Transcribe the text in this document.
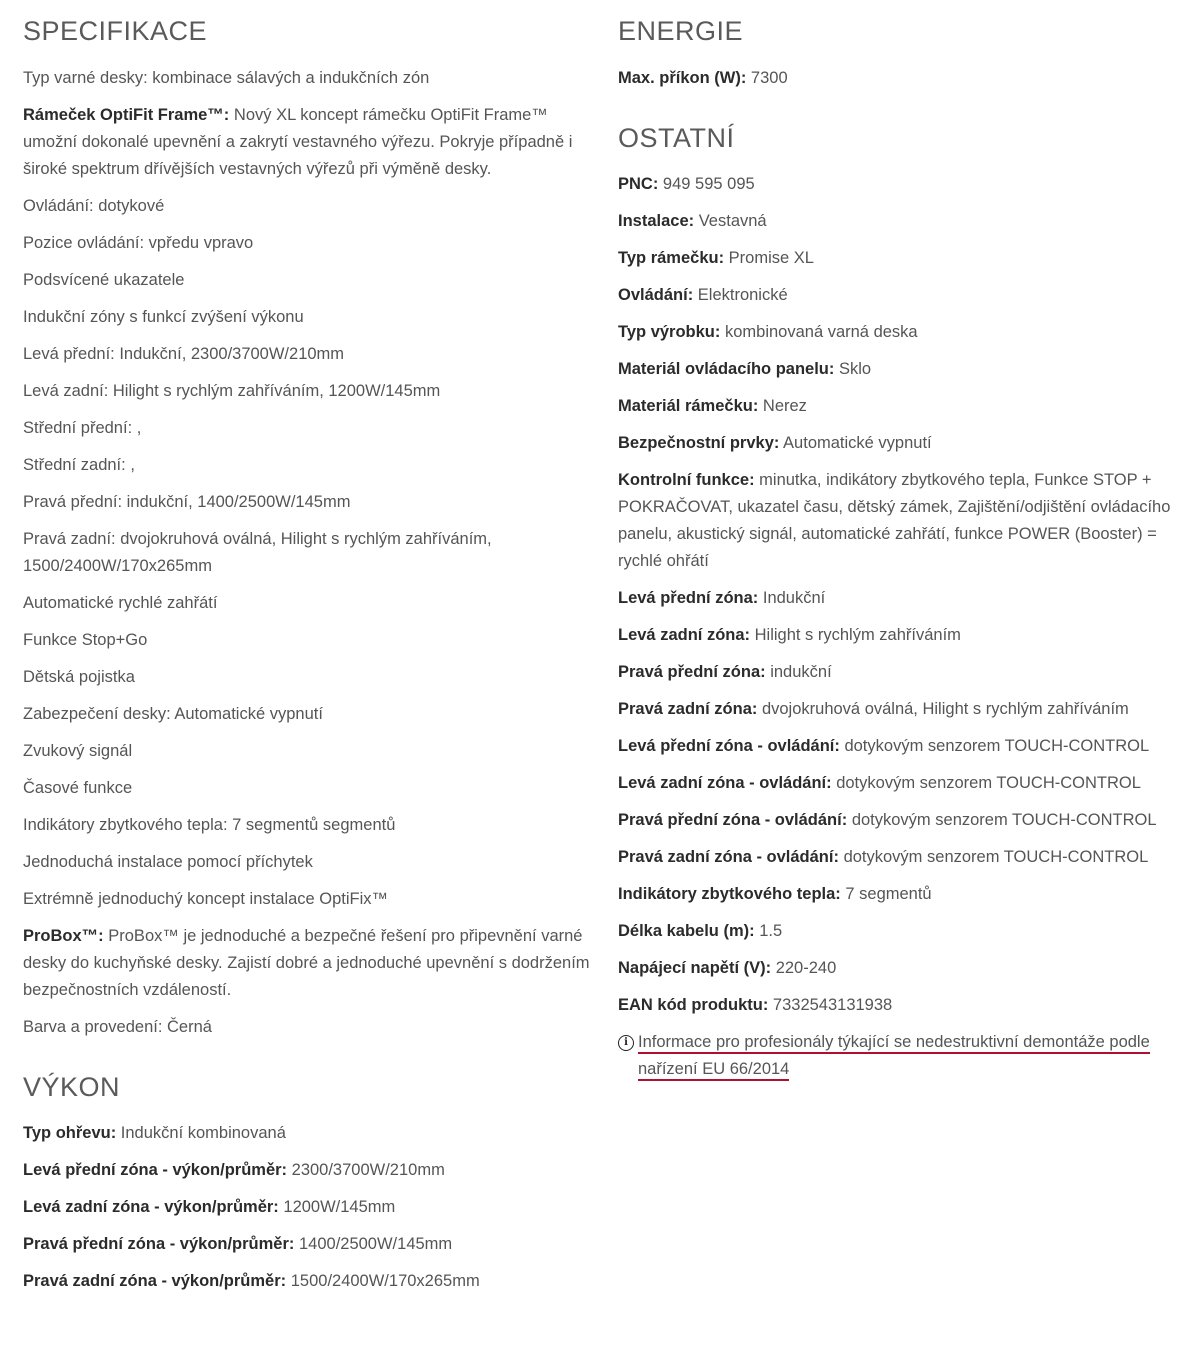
SPECIFIKACE

Typ varné desky: kombinace sálavých a indukčních zón

Rámeček OptiFit Frame™: Nový XL koncept rámečku OptiFit Frame™ umožní dokonalé upevnění a zakrytí vestavného výřezu. Pokryje případně i široké spektrum dřívějších vestavných výřezů při výměně desky.

Ovládání: dotykové

Pozice ovládání: vpředu vpravo

Podsvícené ukazatele

Indukční zóny s funkcí zvýšení výkonu

Levá přední: Indukční, 2300/3700W/210mm

Levá zadní: Hilight s rychlým zahříváním, 1200W/145mm

Střední přední: ,

Střední zadní: ,

Pravá přední: indukční, 1400/2500W/145mm

Pravá zadní: dvojokruhová oválná, Hilight s rychlým zahříváním, 1500/2400W/170x265mm

Automatické rychlé zahřátí

Funkce Stop+Go

Dětská pojistka

Zabezpečení desky: Automatické vypnutí

Zvukový signál

Časové funkce

Indikátory zbytkového tepla: 7 segmentů segmentů

Jednoduchá instalace pomocí příchytek

Extrémně jednoduchý koncept instalace OptiFix™

ProBox™: ProBox™ je jednoduché a bezpečné řešení pro připevnění varné desky do kuchyňské desky. Zajistí dobré a jednoduché upevnění s dodržením bezpečnostních vzdáleností.

Barva a provedení: Černá

VÝKON

Typ ohřevu: Indukční kombinovaná

Levá přední zóna - výkon/průměr: 2300/3700W/210mm

Levá zadní zóna - výkon/průměr: 1200W/145mm

Pravá přední zóna - výkon/průměr: 1400/2500W/145mm

Pravá zadní zóna - výkon/průměr: 1500/2400W/170x265mm

ENERGIE

Max. příkon (W): 7300

OSTATNÍ

PNC: 949 595 095

Instalace: Vestavná

Typ rámečku: Promise XL

Ovládání: Elektronické

Typ výrobku: kombinovaná varná deska

Materiál ovládacího panelu: Sklo

Materiál rámečku: Nerez

Bezpečnostní prvky: Automatické vypnutí

Kontrolní funkce: minutka, indikátory zbytkového tepla, Funkce STOP + POKRAČOVAT, ukazatel času, dětský zámek, Zajištění/odjištění ovládacího panelu, akustický signál, automatické zahřátí, funkce POWER (Booster) = rychlé ohřátí

Levá přední zóna: Indukční

Levá zadní zóna: Hilight s rychlým zahříváním

Pravá přední zóna: indukční

Pravá zadní zóna: dvojokruhová oválná, Hilight s rychlým zahříváním

Levá přední zóna - ovládání: dotykovým senzorem TOUCH-CONTROL

Levá zadní zóna - ovládání: dotykovým senzorem TOUCH-CONTROL

Pravá přední zóna - ovládání: dotykovým senzorem TOUCH-CONTROL

Pravá zadní zóna - ovládání: dotykovým senzorem TOUCH-CONTROL

Indikátory zbytkového tepla: 7 segmentů

Délka kabelu (m): 1.5

Napájecí napětí (V): 220-240

EAN kód produktu: 7332543131938

i Informace pro profesionály týkající se nedestruktivní demontáže podle nařízení EU 66/2014
